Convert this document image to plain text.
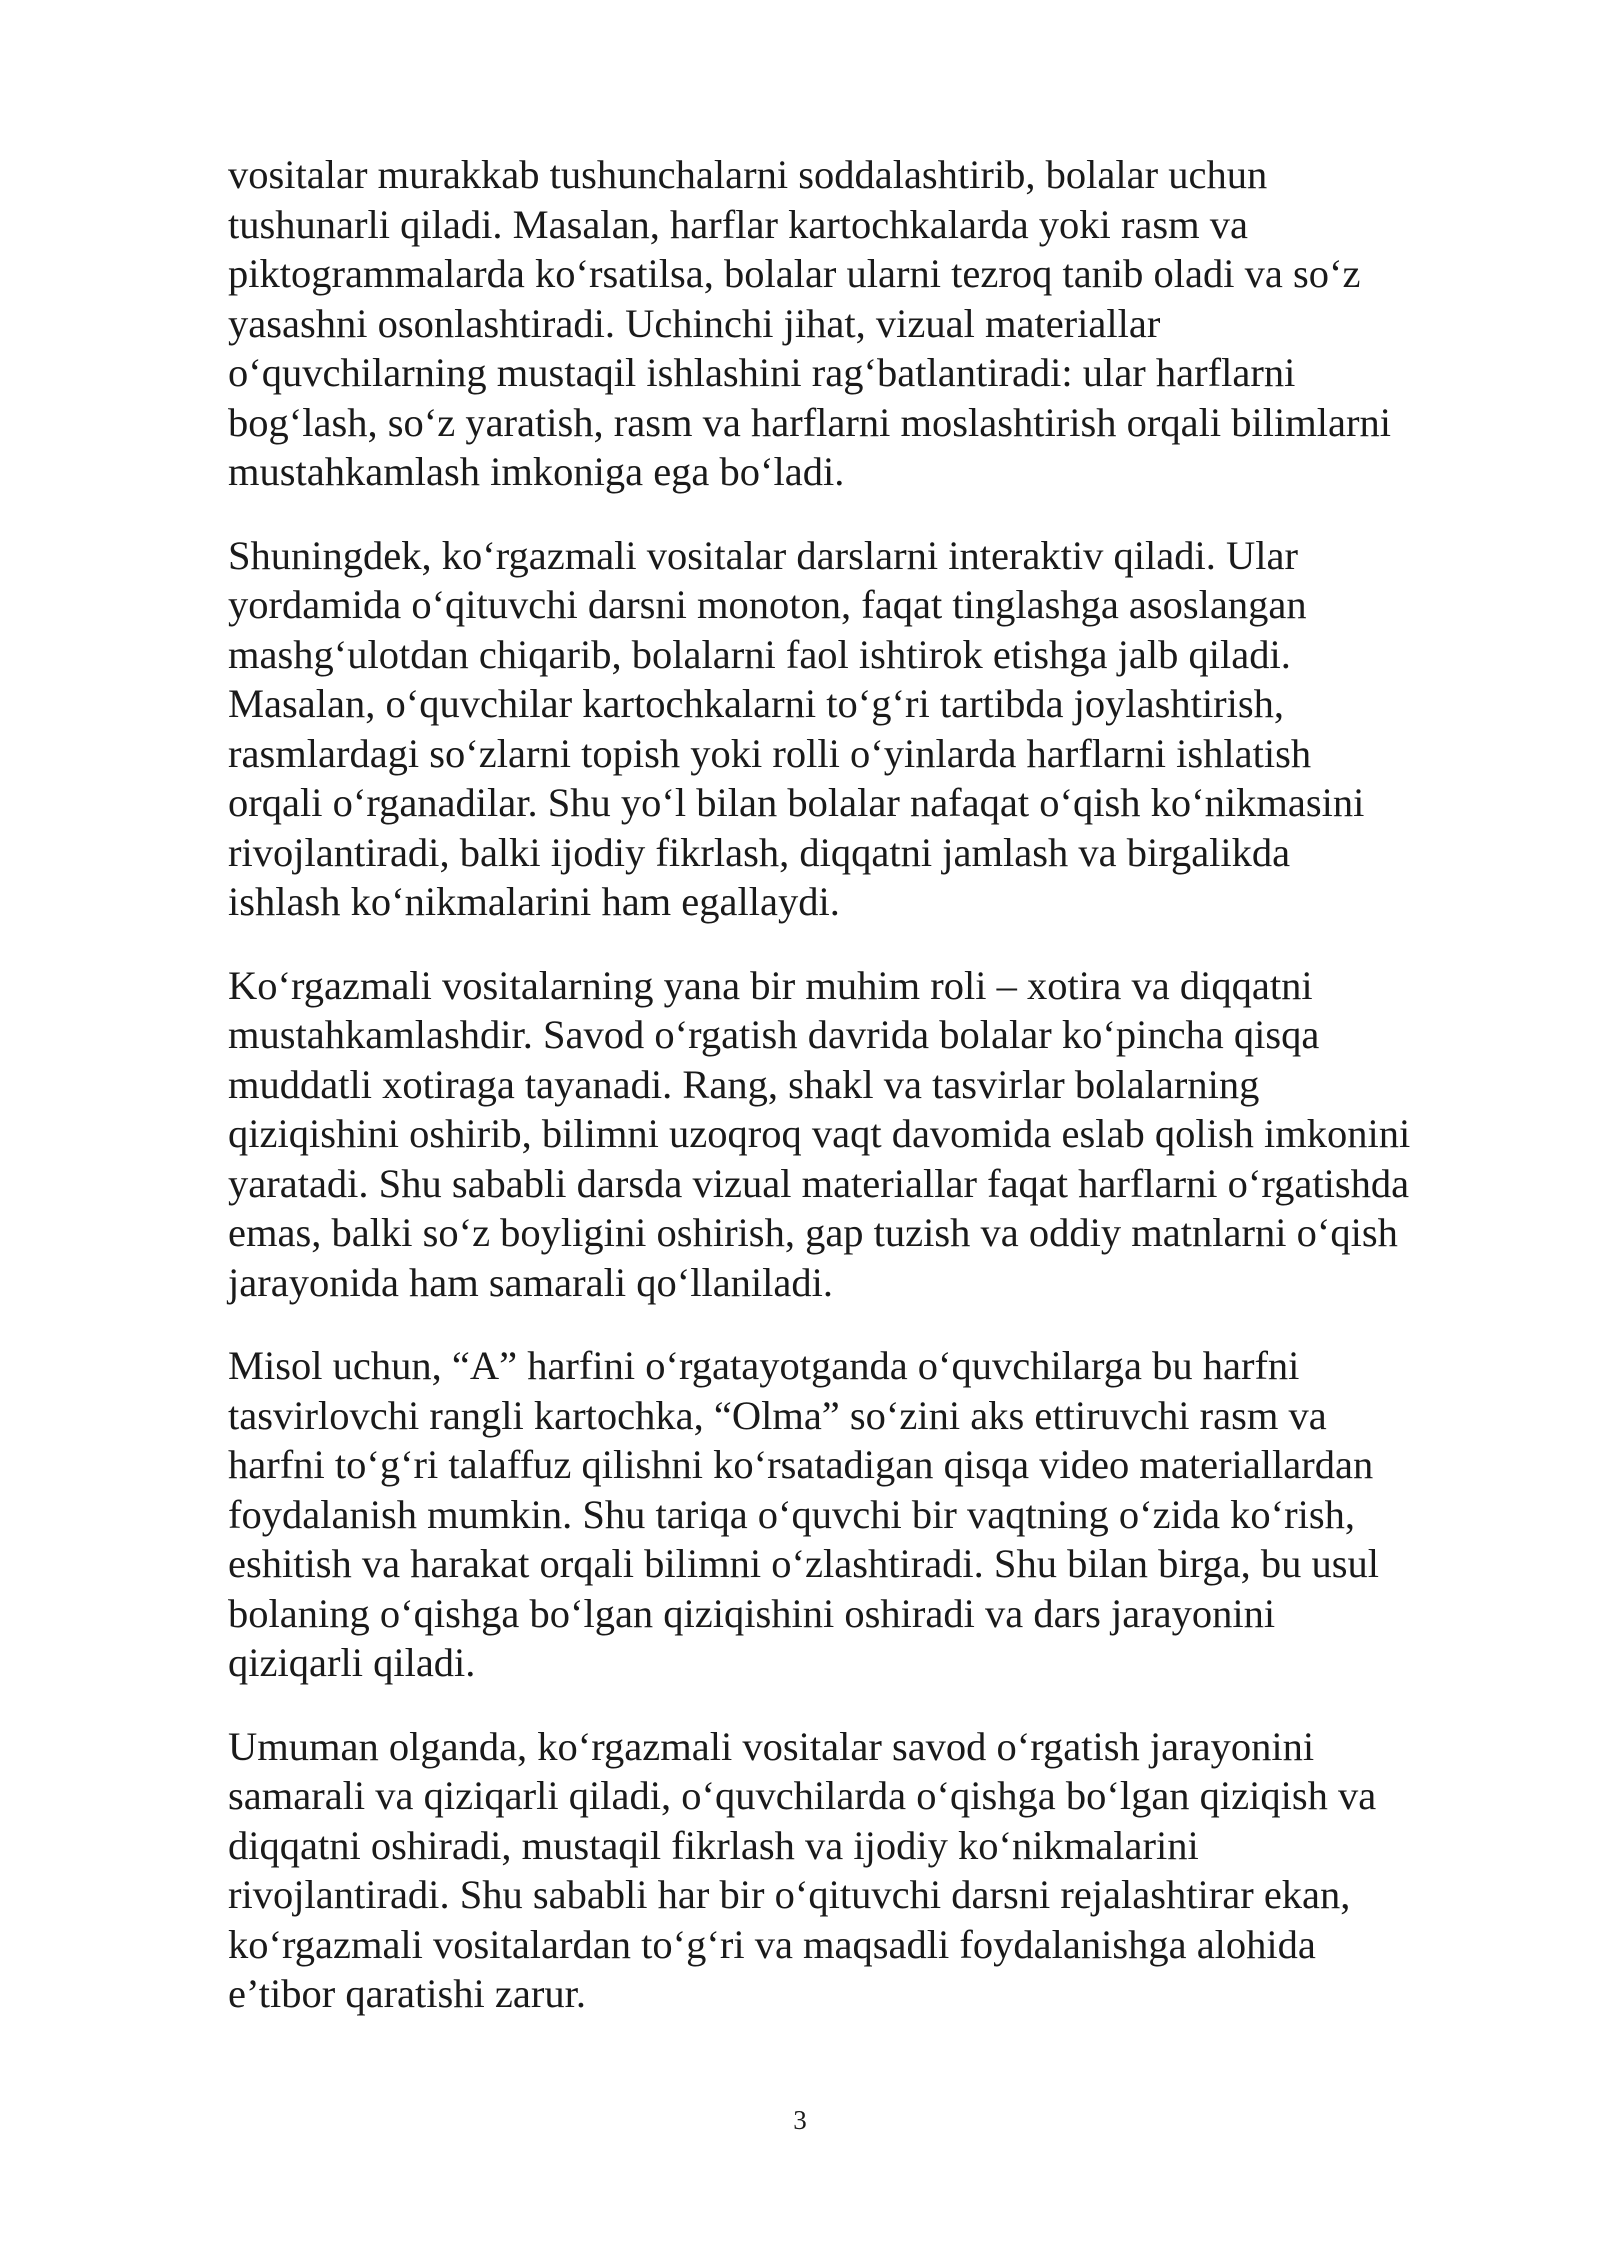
vositalar murakkab tushunchalarni soddalashtirib, bolalar uchun
tushunarli qiladi. Masalan, harflar kartochkalarda yoki rasm va
piktogrammalarda ko‘rsatilsa, bolalar ularni tezroq tanib oladi va so‘z
yasashni osonlashtiradi. Uchinchi jihat, vizual materiallar
o‘quvchilarning mustaqil ishlashini rag‘batlantiradi: ular harflarni
bog‘lash, so‘z yaratish, rasm va harflarni moslashtirish orqali bilimlarni
mustahkamlash imkoniga ega bo‘ladi.

Shuningdek, ko‘rgazmali vositalar darslarni interaktiv qiladi. Ular
yordamida o‘qituvchi darsni monoton, faqat tinglashga asoslangan
mashg‘ulotdan chiqarib, bolalarni faol ishtirok etishga jalb qiladi.
Masalan, o‘quvchilar kartochkalarni to‘g‘ri tartibda joylashtirish,
rasmlardagi so‘zlarni topish yoki rolli o‘yinlarda harflarni ishlatish
orqali o‘rganadilar. Shu yo‘l bilan bolalar nafaqat o‘qish ko‘nikmasini
rivojlantiradi, balki ijodiy fikrlash, diqqatni jamlash va birgalikda
ishlash ko‘nikmalarini ham egallaydi.

Ko‘rgazmali vositalarning yana bir muhim roli – xotira va diqqatni
mustahkamlashdir. Savod o‘rgatish davrida bolalar ko‘pincha qisqa
muddatli xotiraga tayanadi. Rang, shakl va tasvirlar bolalarning
qiziqishini oshirib, bilimni uzoqroq vaqt davomida eslab qolish imkonini
yaratadi. Shu sababli darsda vizual materiallar faqat harflarni o‘rgatishda
emas, balki so‘z boyligini oshirish, gap tuzish va oddiy matnlarni o‘qish
jarayonida ham samarali qo‘llaniladi.

Misol uchun, “A” harfini o‘rgatayotganda o‘quvchilarga bu harfni
tasvirlovchi rangli kartochka, “Olma” so‘zini aks ettiruvchi rasm va
harfni to‘g‘ri talaffuz qilishni ko‘rsatadigan qisqa video materiallardan
foydalanish mumkin. Shu tariqa o‘quvchi bir vaqtning o‘zida ko‘rish,
eshitish va harakat orqali bilimni o‘zlashtiradi. Shu bilan birga, bu usul
bolaning o‘qishga bo‘lgan qiziqishini oshiradi va dars jarayonini
qiziqarli qiladi.

Umuman olganda, ko‘rgazmali vositalar savod o‘rgatish jarayonini
samarali va qiziqarli qiladi, o‘quvchilarda o‘qishga bo‘lgan qiziqish va
diqqatni oshiradi, mustaqil fikrlash va ijodiy ko‘nikmalarini
rivojlantiradi. Shu sababli har bir o‘qituvchi darsni rejalashtirar ekan,
ko‘rgazmali vositalardan to‘g‘ri va maqsadli foydalanishga alohida
e’tibor qaratishi zarur.

3
